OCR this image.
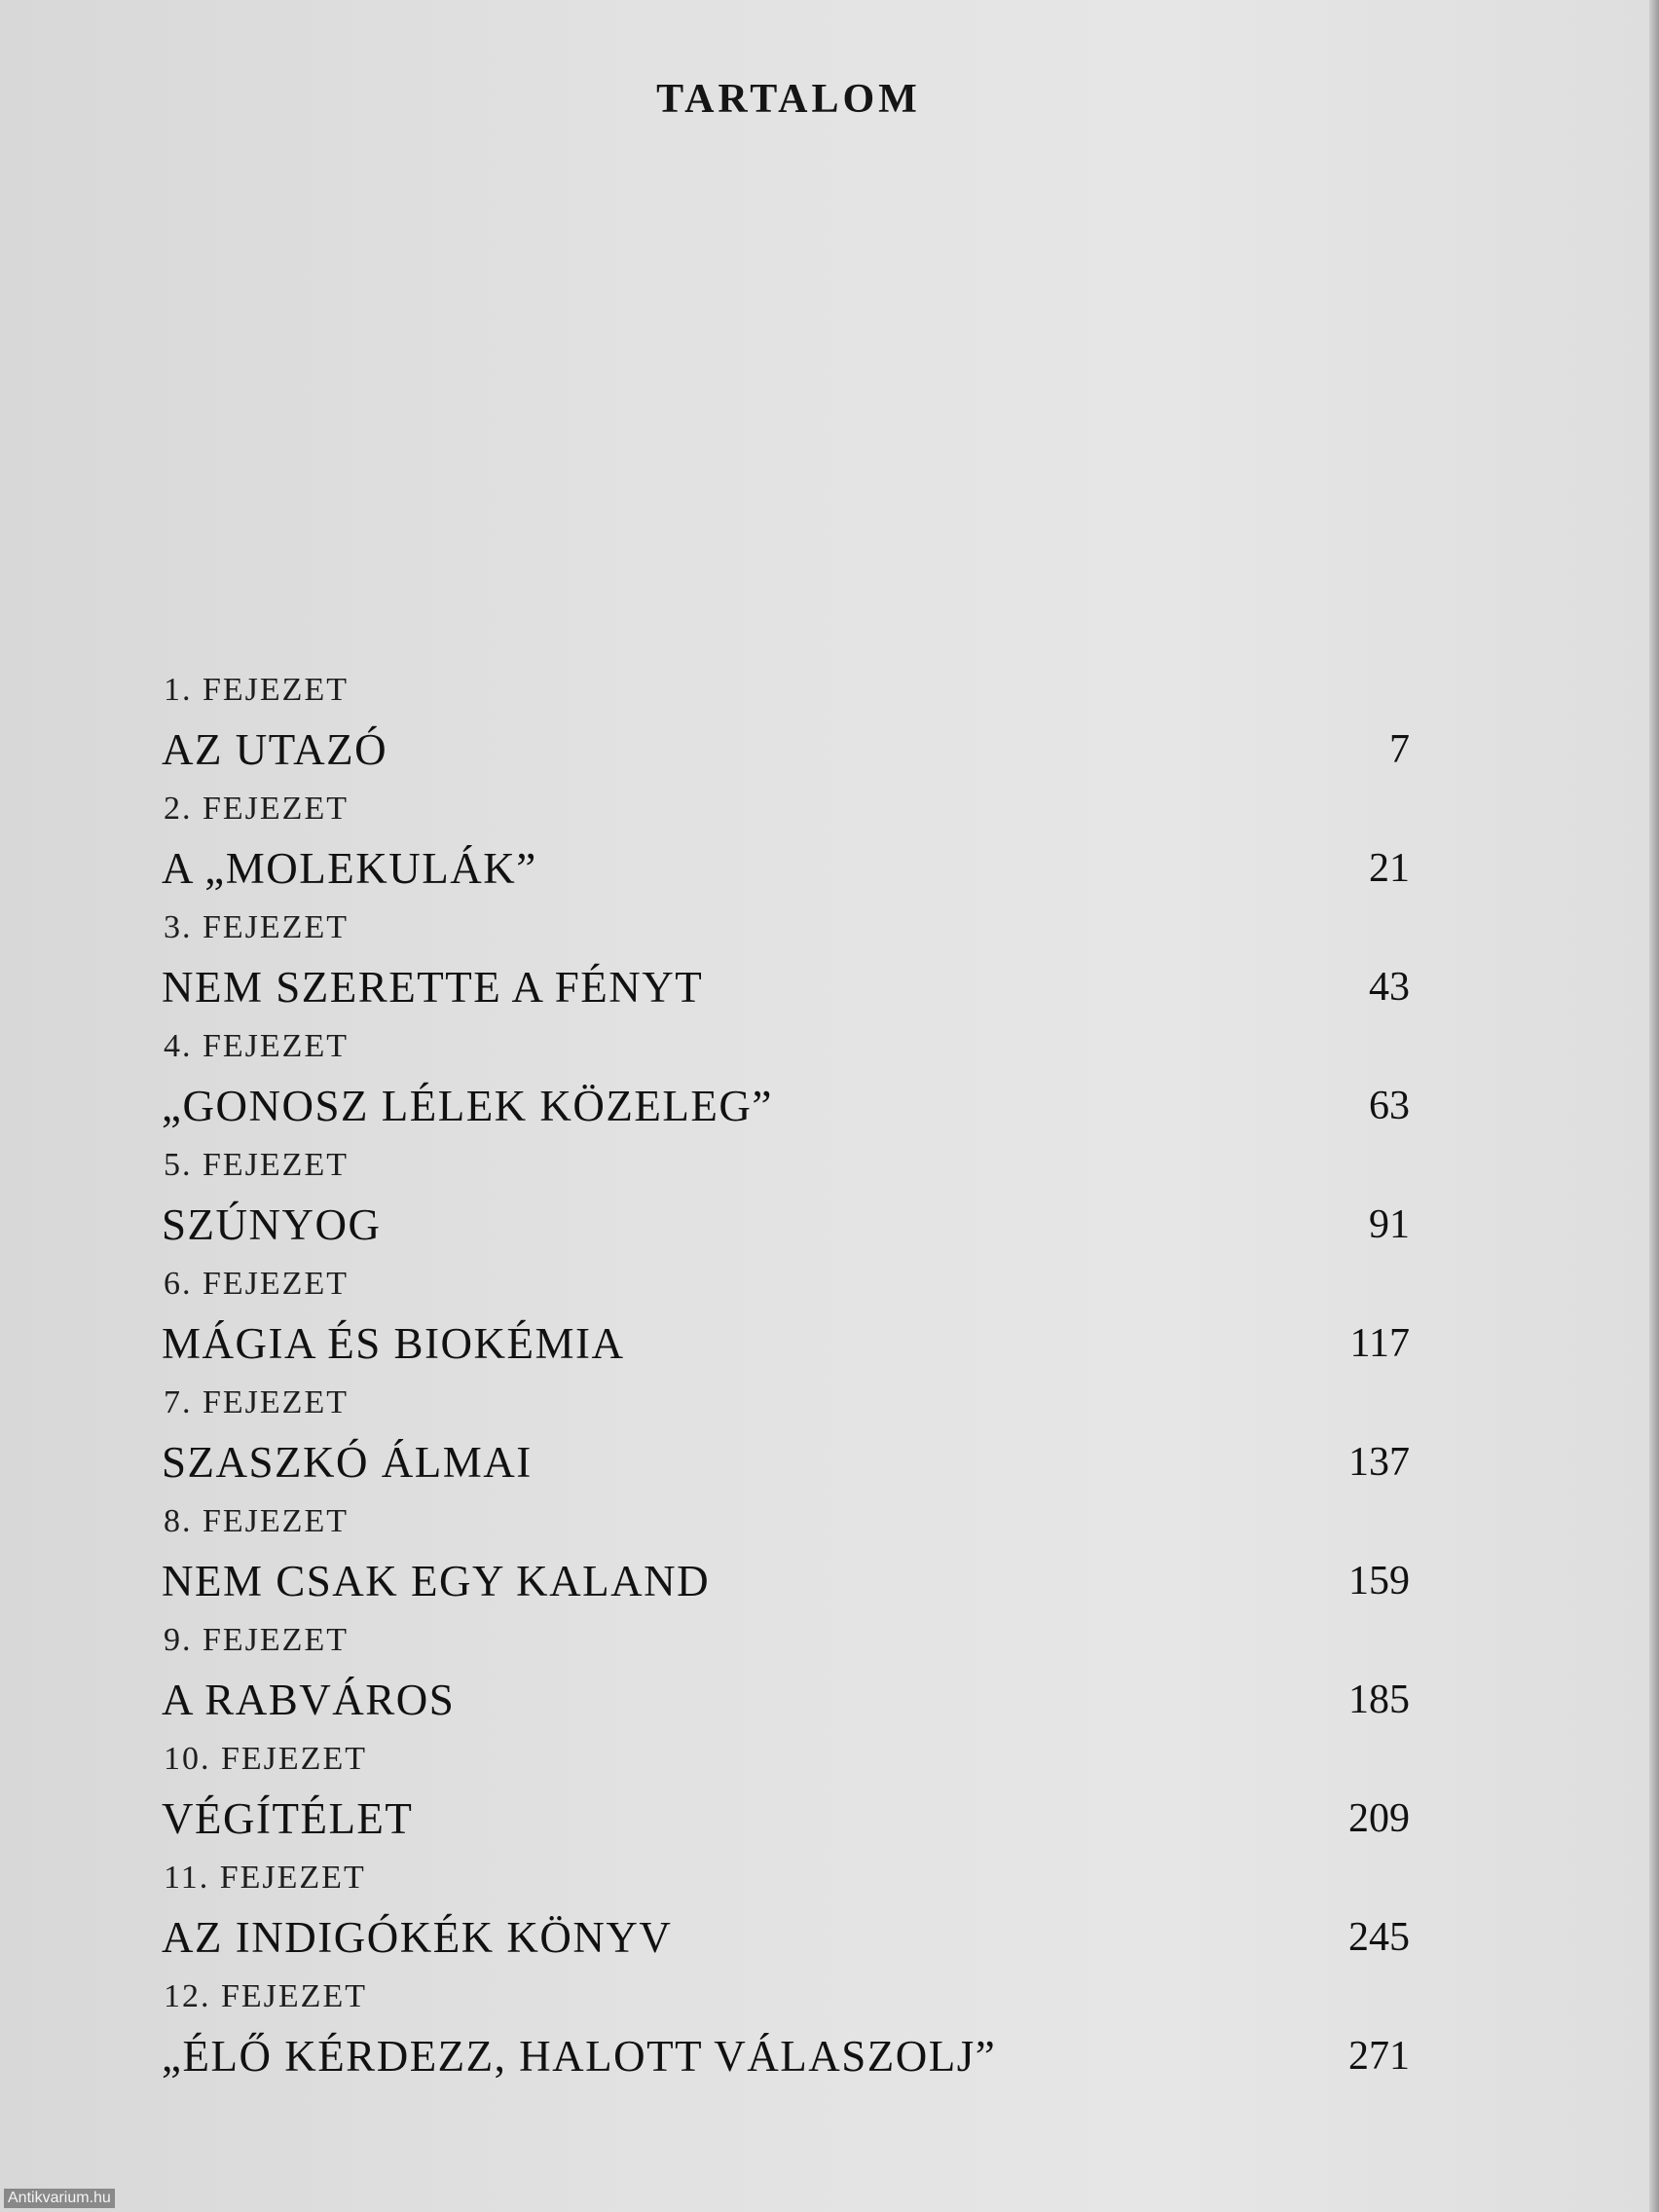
TARTALOM
1. FEJEZET
AZ UTAZÓ	7
2. FEJEZET
A „MOLEKULÁK”	21
3. FEJEZET
NEM SZERETTE A FÉNYT	43
4. FEJEZET
„GONOSZ LÉLEK KÖZELEG”	63
5. FEJEZET
SZÚNYOG	91
6. FEJEZET
MÁGIA ÉS BIOKÉMIA	117
7. FEJEZET
SZASZKÓ ÁLMAI	137
8. FEJEZET
NEM CSAK EGY KALAND	159
9. FEJEZET
A RABVÁROS	185
10. FEJEZET
VÉGÍTÉLET	209
11. FEJEZET
AZ INDIGÓKÉK KÖNYV	245
12. FEJEZET
„ÉLŐ KÉRDEZZ, HALOTT VÁLASZOLJ”	271
Antikvarium.hu
